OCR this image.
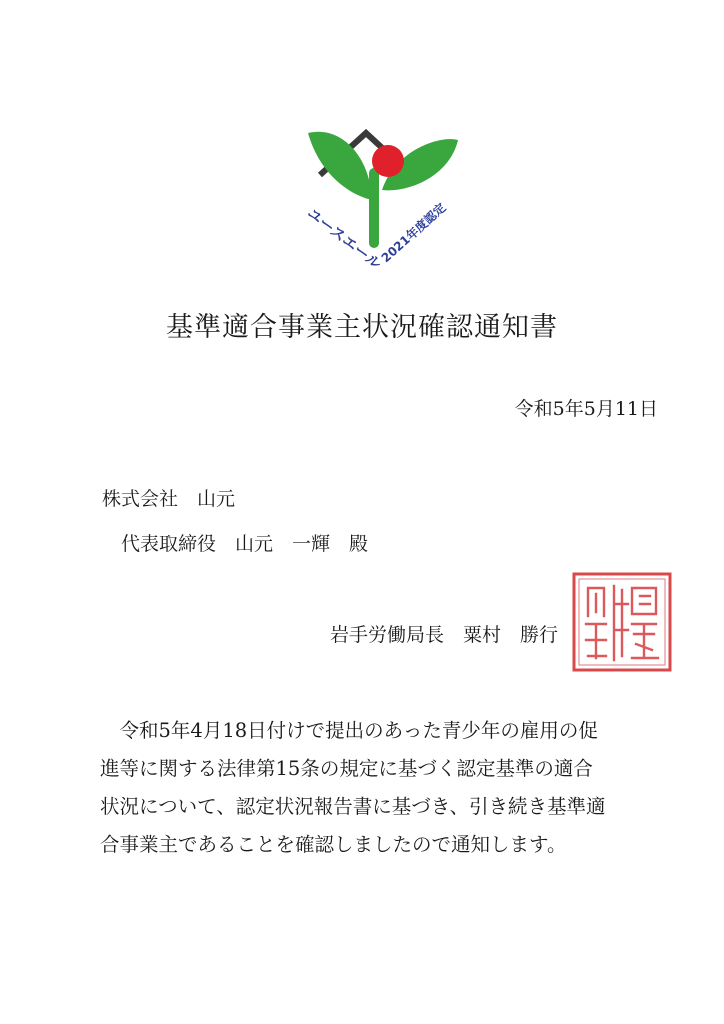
ユースエール
2021年度認定
基準適合事業主状況確認通知書
令和5年5月11日
株式会社　山元
代表取締役　山元　一輝　殿
岩手労働局長　粟村　勝行
　令和5年4月18日付けで提出のあった青少年の雇用の促
進等に関する法律第15条の規定に基づく認定基準の適合
状況について、認定状況報告書に基づき、引き続き基準適
合事業主であることを確認しましたので通知します。
